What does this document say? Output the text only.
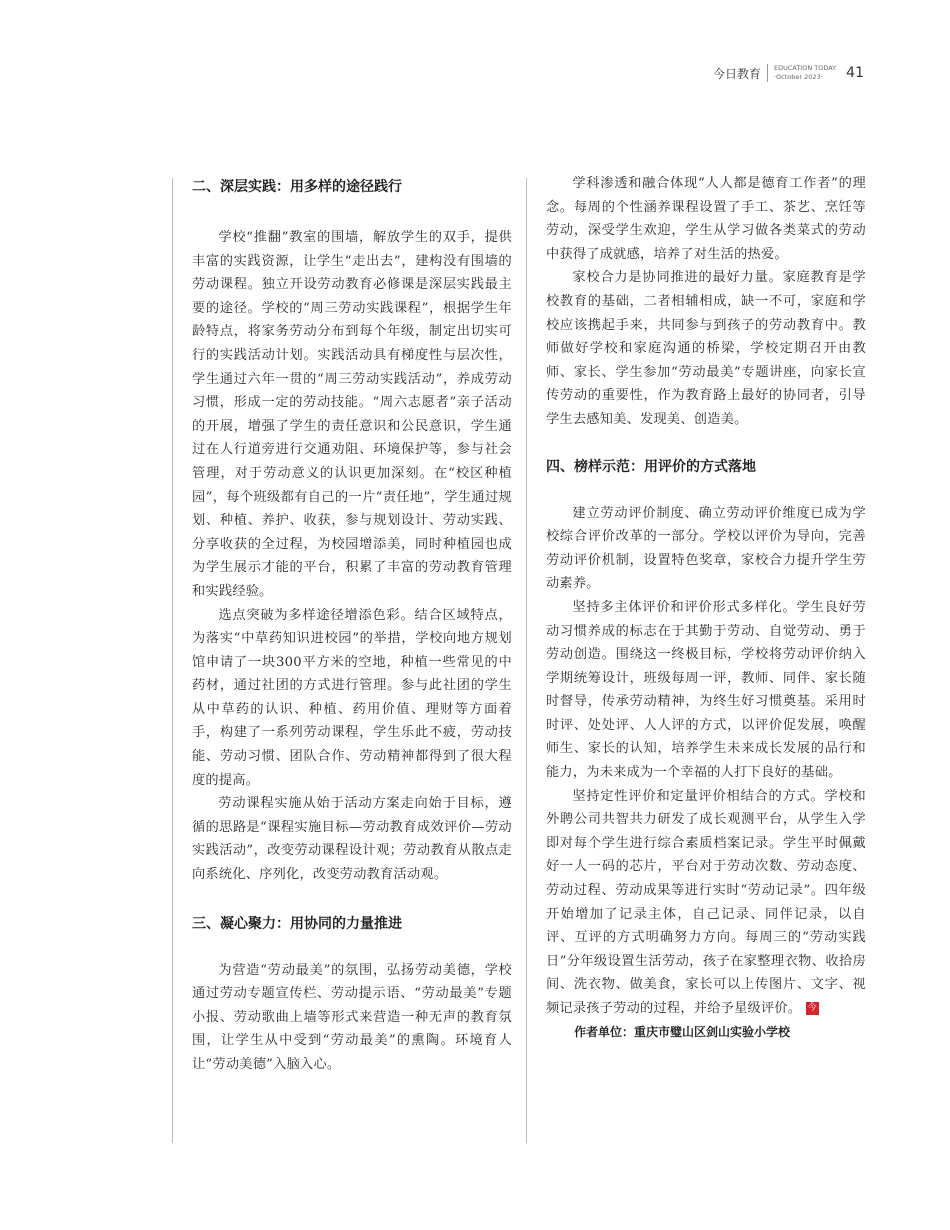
今日教育 EDUCATION TODAY
·October 2023·	41
二、深层实践：用多样的途径践行

学校“推翻”教室的围墙，解放学生的双手，提供丰富的实践资源，让学生“走出去”，建构没有围墙的劳动课程。独立开设劳动教育必修课是深层实践最主要的途径。学校的“周三劳动实践课程”，根据学生年龄特点，将家务劳动分布到每个年级，制定出切实可行的实践活动计划。实践活动具有梯度性与层次性，学生通过六年一贯的“周三劳动实践活动”，养成劳动习惯，形成一定的劳动技能。“周六志愿者”亲子活动的开展，增强了学生的责任意识和公民意识，学生通过在人行道旁进行交通劝阻、环境保护等，参与社会管理，对于劳动意义的认识更加深刻。在“校区种植园”，每个班级都有自己的一片“责任地”，学生通过规划、种植、养护、收获，参与规划设计、劳动实践、分享收获的全过程，为校园增添美，同时种植园也成为学生展示才能的平台，积累了丰富的劳动教育管理和实践经验。

选点突破为多样途径增添色彩。结合区域特点，为落实“中草药知识进校园”的举措，学校向地方规划馆申请了一块300平方米的空地，种植一些常见的中药材，通过社团的方式进行管理。参与此社团的学生从中草药的认识、种植、药用价值、理财等方面着手，构建了一系列劳动课程，学生乐此不疲，劳动技能、劳动习惯、团队合作、劳动精神都得到了很大程度的提高。

劳动课程实施从始于活动方案走向始于目标，遵循的思路是“课程实施目标—劳动教育成效评价—劳动实践活动”，改变劳动课程设计观；劳动教育从散点走向系统化、序列化，改变劳动教育活动观。

三、凝心聚力：用协同的力量推进

为营造“劳动最美”的氛围，弘扬劳动美德，学校通过劳动专题宣传栏、劳动提示语、“劳动最美”专题小报、劳动歌曲上墙等形式来营造一种无声的教育氛围，让学生从中受到“劳动最美”的熏陶。环境育人让“劳动美德”入脑入心。

学科渗透和融合体现“人人都是德育工作者”的理念。每周的个性涵养课程设置了手工、茶艺、烹饪等劳动，深受学生欢迎，学生从学习做各类菜式的劳动中获得了成就感，培养了对生活的热爱。

家校合力是协同推进的最好力量。家庭教育是学校教育的基础，二者相辅相成，缺一不可，家庭和学校应该携起手来，共同参与到孩子的劳动教育中。教师做好学校和家庭沟通的桥梁，学校定期召开由教师、家长、学生参加“劳动最美”专题讲座，向家长宣传劳动的重要性，作为教育路上最好的协同者，引导学生去感知美、发现美、创造美。

四、榜样示范：用评价的方式落地

建立劳动评价制度、确立劳动评价维度已成为学校综合评价改革的一部分。学校以评价为导向，完善劳动评价机制，设置特色奖章，家校合力提升学生劳动素养。

坚持多主体评价和评价形式多样化。学生良好劳动习惯养成的标志在于其勤于劳动、自觉劳动、勇于劳动创造。围绕这一终极目标，学校将劳动评价纳入学期统筹设计，班级每周一评，教师、同伴、家长随时督导，传承劳动精神，为终生好习惯奠基。采用时时评、处处评、人人评的方式，以评价促发展，唤醒师生、家长的认知，培养学生未来成长发展的品行和能力，为未来成为一个幸福的人打下良好的基础。

坚持定性评价和定量评价相结合的方式。学校和外聘公司共智共力研发了成长观测平台，从学生入学即对每个学生进行综合素质档案记录。学生平时佩戴好一人一码的芯片，平台对于劳动次数、劳动态度、劳动过程、劳动成果等进行实时“劳动记录”。四年级开始增加了记录主体，自己记录、同伴记录，以自评、互评的方式明确努力方向。每周三的“劳动实践日”分年级设置生活劳动，孩子在家整理衣物、收拾房间、洗衣物、做美食，家长可以上传图片、文字、视频记录孩子劳动的过程，并给予星级评价。 今

作者单位：重庆市璧山区剑山实验小学校
